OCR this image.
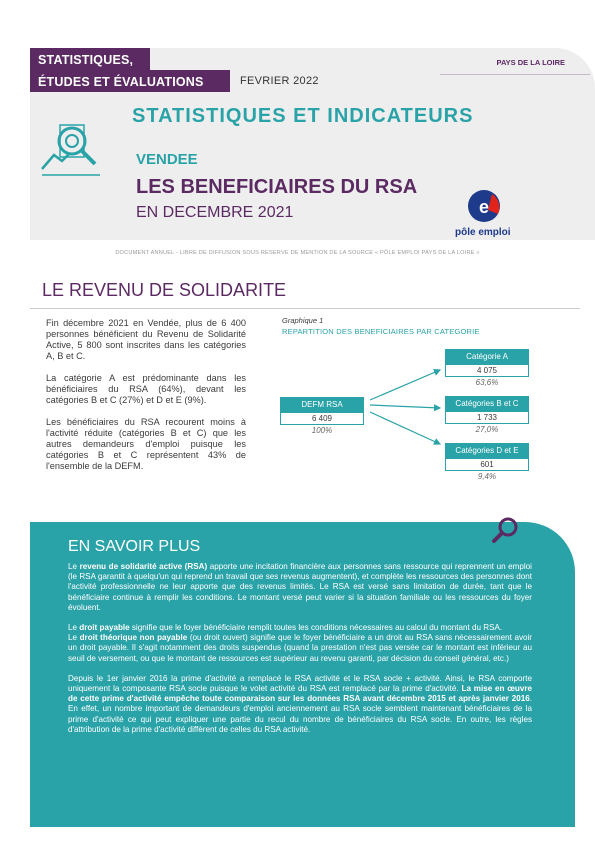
STATISTIQUES,
ÉTUDES ET ÉVALUATIONS	FEVRIER 2022
PAYS DE LA LOIRE
STATISTIQUES ET INDICATEURS
VENDEE
LES BENEFICIAIRES DU RSA
EN DECEMBRE 2021	e
pôle emploi
DOCUMENT ANNUEL - LIBRE DE DIFFUSION SOUS RESERVE DE MENTION DE LA SOURCE « PÔLE EMPLOI PAYS DE LA LOIRE »
LE REVENU DE SOLIDARITE

Fin décembre 2021 en Vendée, plus de 6 400 personnes bénéficient du Revenu de Solidarité Active, 5 800 sont inscrites dans les catégories A, B et C.

La catégorie A est prédominante dans les bénéficiaires du RSA (64%), devant les catégories B et C (27%) et D et E (9%).

Les bénéficiaires du RSA recourent moins à l'activité réduite (catégories B et C) que les autres demandeurs d'emploi puisque les catégories B et C représentent 43% de l'ensemble de la DEFM.

Graphique 1
REPARTITION DES BENEFICIAIRES PAR CATEGORIE
DEFM RSA
6 409
100%
Catégorie A
4 075
63,6%
Catégories B et C
1 733
27,0%
Catégories D et E
601
9,4%
EN SAVOIR PLUS

Le revenu de solidarité active (RSA) apporte une incitation financière aux personnes sans ressource qui reprennent un emploi (le RSA garantit à quelqu'un qui reprend un travail que ses revenus augmentent), et complète les ressources des personnes dont l'activité professionnelle ne leur apporte que des revenus limités. Le RSA est versé sans limitation de durée, tant que le bénéficiaire continue à remplir les conditions. Le montant versé peut varier si la situation familiale ou les ressources du foyer évoluent.

Le droit payable signifie que le foyer bénéficiaire remplit toutes les conditions nécessaires au calcul du montant du RSA.

Le droit théorique non payable (ou droit ouvert) signifie que le foyer bénéficiaire a un droit au RSA sans nécessairement avoir un droit payable. Il s'agit notamment des droits suspendus (quand la prestation n'est pas versée car le montant est inférieur au seuil de versement, ou que le montant de ressources est supérieur au revenu garanti, par décision du conseil général, etc.)

Depuis le 1er janvier 2016 la prime d'activité a remplacé le RSA activité et le RSA socle + activité. Ainsi, le RSA comporte uniquement la composante RSA socle puisque le volet activité du RSA est remplacé par la prime d'activité. La mise en œuvre de cette prime d'activité empêche toute comparaison sur les données RSA avant décembre 2015 et après janvier 2016. En effet, un nombre important de demandeurs d'emploi anciennement au RSA socle semblent maintenant bénéficiaires de la prime d'activité ce qui peut expliquer une partie du recul du nombre de bénéficiaires du RSA socle. En outre, les règles d'attribution de la prime d'activité diffèrent de celles du RSA activité.
